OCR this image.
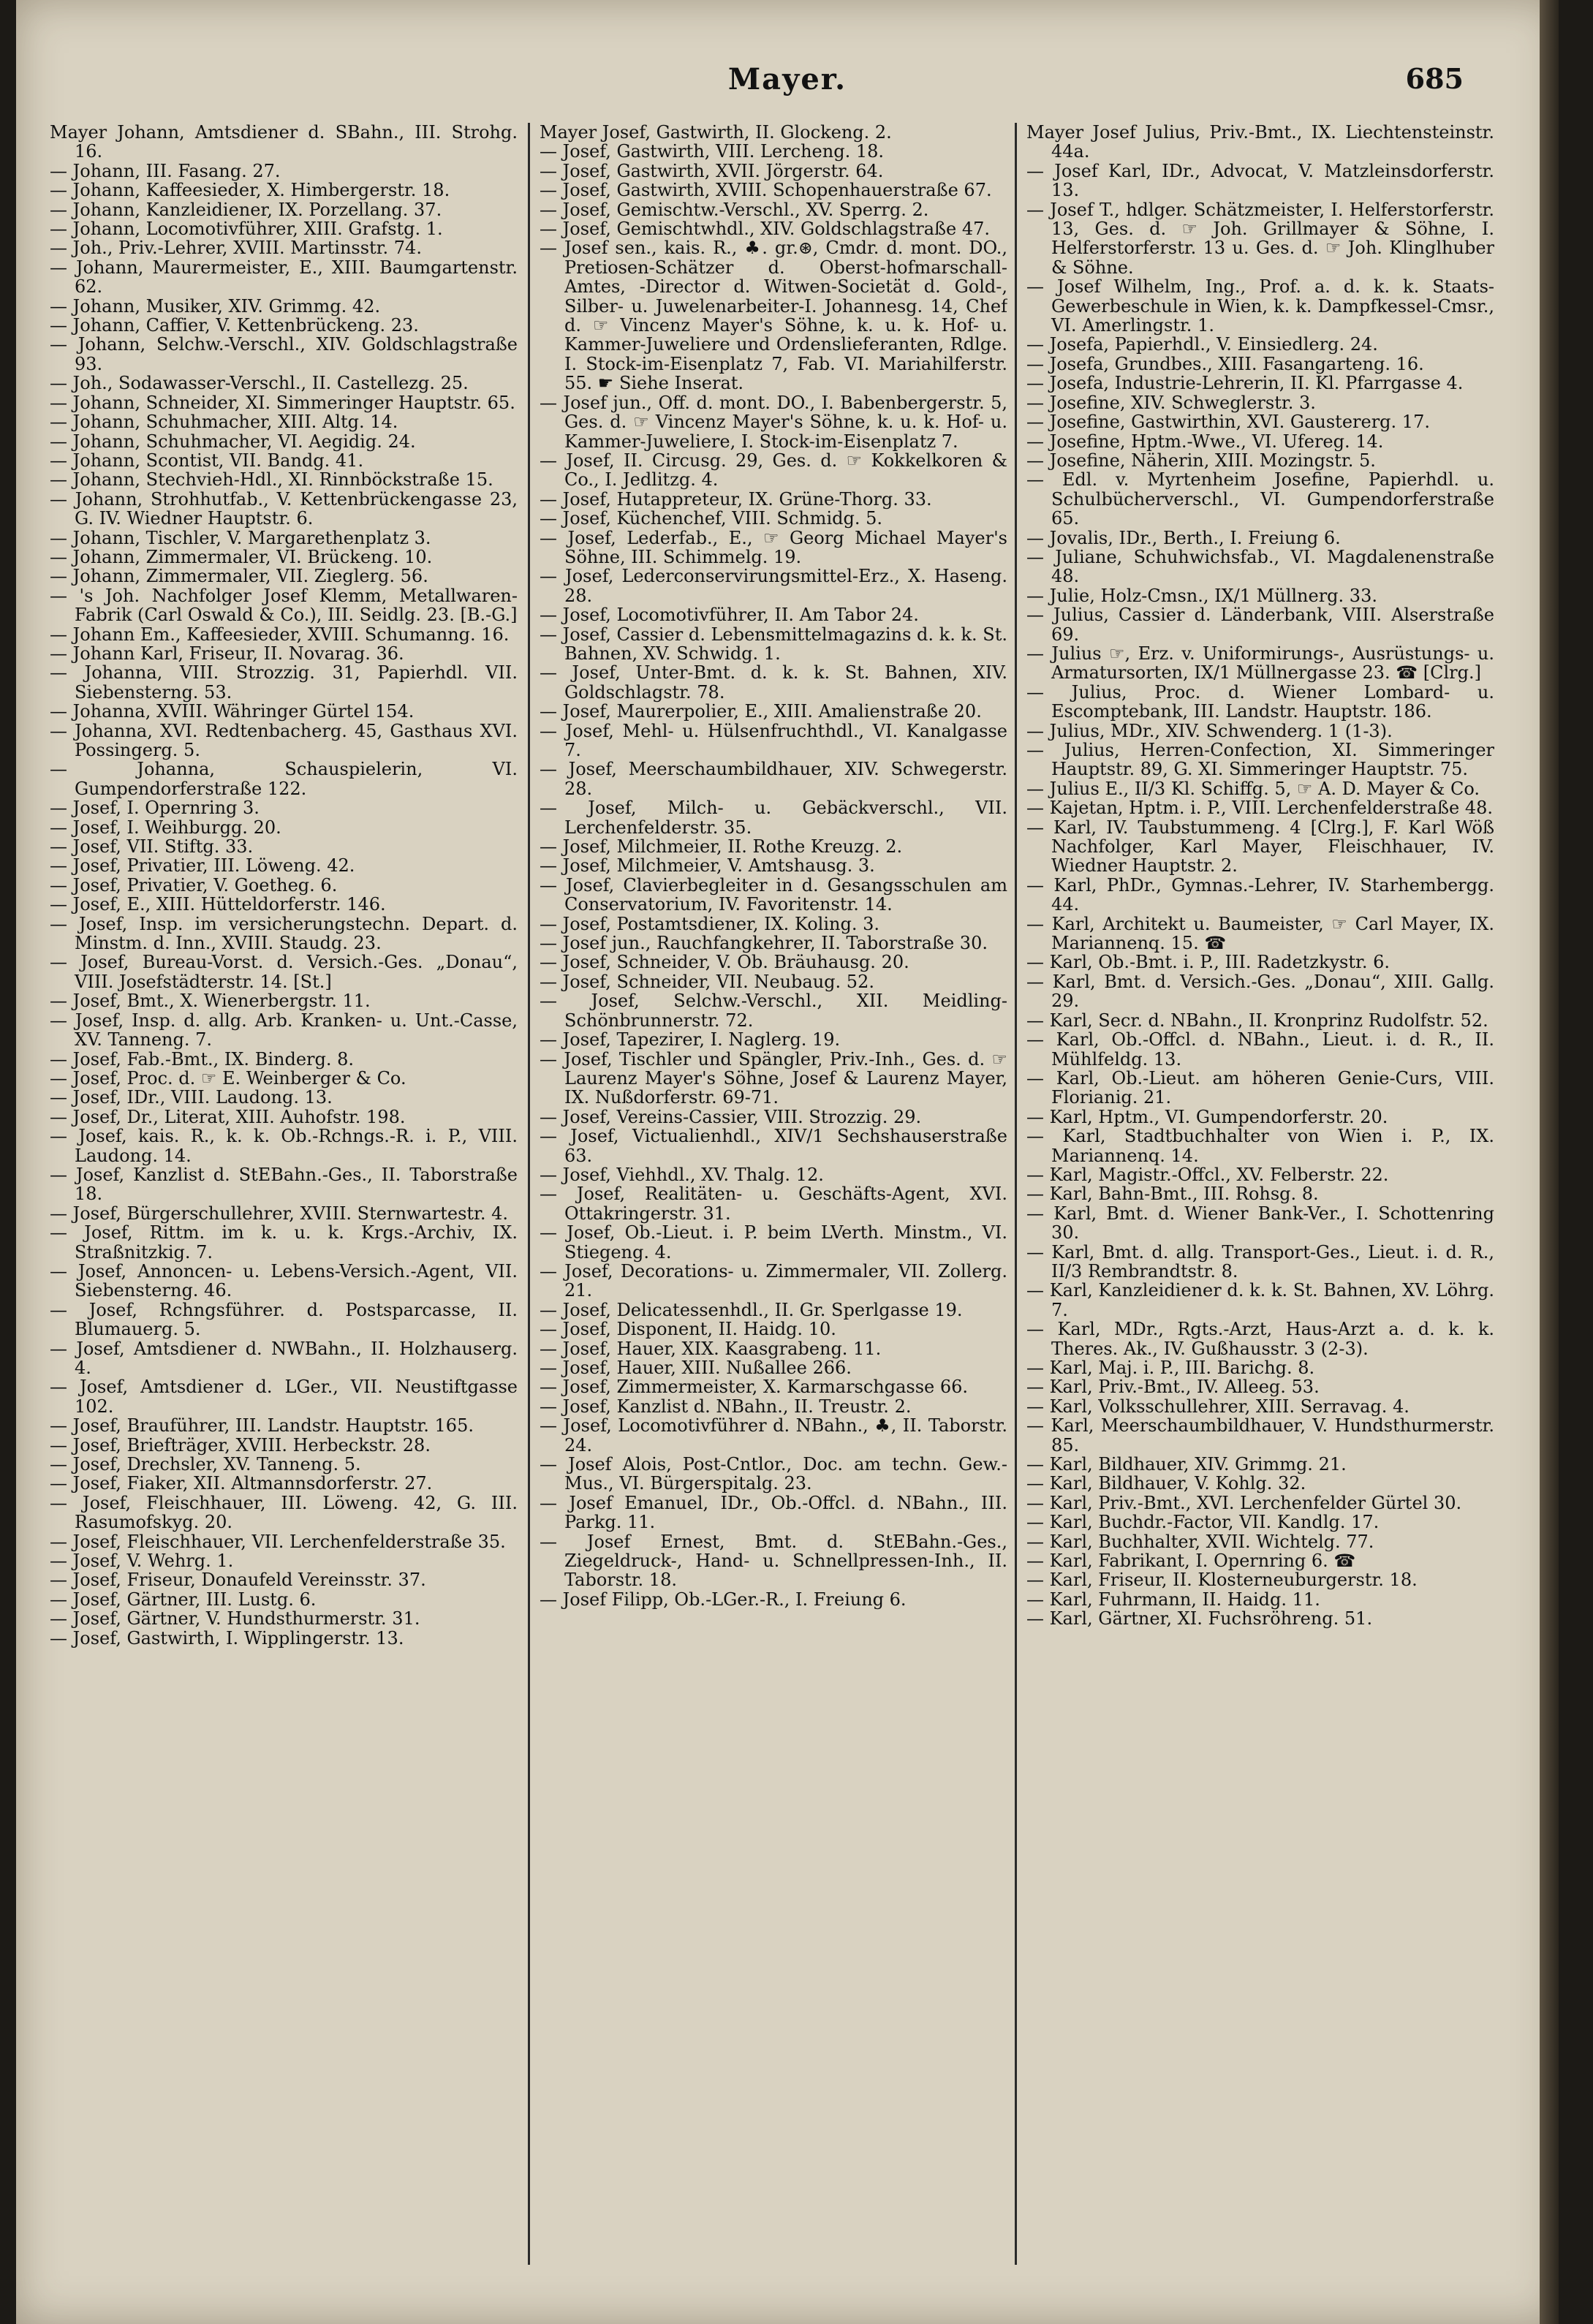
Mayer.	685

Mayer Johann, Amtsdiener d. SBahn., III. Strohg. 16.

— Johann, III. Fasang. 27.

— Johann, Kaffeesieder, X. Himbergerstr. 18.

— Johann, Kanzleidiener, IX. Porzellang. 37.

— Johann, Locomotivführer, XIII. Grafstg. 1.

— Joh., Priv.-Lehrer, XVIII. Martinsstr. 74.

— Johann, Maurermeister, E., XIII. Baumgartenstr. 62.

— Johann, Musiker, XIV. Grimmg. 42.

— Johann, Caffier, V. Kettenbrückeng. 23.

— Johann, Selchw.-Verschl., XIV. Goldschlagstraße 93.

— Joh., Sodawasser-Verschl., II. Castellezg. 25.

— Johann, Schneider, XI. Simmeringer Hauptstr. 65.

— Johann, Schuhmacher, XIII. Altg. 14.

— Johann, Schuhmacher, VI. Aegidig. 24.

— Johann, Scontist, VII. Bandg. 41.

— Johann, Stechvieh-Hdl., XI. Rinnböckstraße 15.

— Johann, Strohhutfab., V. Kettenbrückengasse 23, G. IV. Wiedner Hauptstr. 6.

— Johann, Tischler, V. Margarethenplatz 3.

— Johann, Zimmermaler, VI. Brückeng. 10.

— Johann, Zimmermaler, VII. Zieglerg. 56.

— 's Joh. Nachfolger Josef Klemm, Metallwaren-Fabrik (Carl Oswald & Co.), III. Seidlg. 23. [B.-G.]

— Johann Em., Kaffeesieder, XVIII. Schumanng. 16.

— Johann Karl, Friseur, II. Novarag. 36.

— Johanna, VIII. Strozzig. 31, Papierhdl. VII. Siebensterng. 53.

— Johanna, XVIII. Währinger Gürtel 154.

— Johanna, XVI. Redtenbacherg. 45, Gasthaus XVI. Possingerg. 5.

— Johanna, Schauspielerin, VI. Gumpendorferstraße 122.

— Josef, I. Opernring 3.

— Josef, I. Weihburgg. 20.

— Josef, VII. Stiftg. 33.

— Josef, Privatier, III. Löweng. 42.

— Josef, Privatier, V. Goetheg. 6.

— Josef, E., XIII. Hütteldorferstr. 146.

— Josef, Insp. im versicherungstechn. Depart. d. Minstm. d. Inn., XVIII. Staudg. 23.

— Josef, Bureau-Vorst. d. Versich.-Ges. „Donau“, VIII. Josefstädterstr. 14. [St.]

— Josef, Bmt., X. Wienerbergstr. 11.

— Josef, Insp. d. allg. Arb. Kranken- u. Unt.-Casse, XV. Tanneng. 7.

— Josef, Fab.-Bmt., IX. Binderg. 8.

— Josef, Proc. d. ☞ E. Weinberger & Co.

— Josef, IDr., VIII. Laudong. 13.

— Josef, Dr., Literat, XIII. Auhofstr. 198.

— Josef, kais. R., k. k. Ob.-Rchngs.-R. i. P., VIII. Laudong. 14.

— Josef, Kanzlist d. StEBahn.-Ges., II. Taborstraße 18.

— Josef, Bürgerschullehrer, XVIII. Sternwartestr. 4.

— Josef, Rittm. im k. u. k. Krgs.-Archiv, IX. Straßnitzkig. 7.

— Josef, Annoncen- u. Lebens-Versich.-Agent, VII. Siebensterng. 46.

— Josef, Rchngsführer. d. Postsparcasse, II. Blumauerg. 5.

— Josef, Amtsdiener d. NWBahn., II. Holzhauserg. 4.

— Josef, Amtsdiener d. LGer., VII. Neustiftgasse 102.

— Josef, Brauführer, III. Landstr. Hauptstr. 165.

— Josef, Briefträger, XVIII. Herbeckstr. 28.

— Josef, Drechsler, XV. Tanneng. 5.

— Josef, Fiaker, XII. Altmannsdorferstr. 27.

— Josef, Fleischhauer, III. Löweng. 42, G. III. Rasumofskyg. 20.

— Josef, Fleischhauer, VII. Lerchenfelderstraße 35.

— Josef, V. Wehrg. 1.

— Josef, Friseur, Donaufeld Vereinsstr. 37.

— Josef, Gärtner, III. Lustg. 6.

— Josef, Gärtner, V. Hundsthurmerstr. 31.

— Josef, Gastwirth, I. Wipplingerstr. 13.

Mayer Josef, Gastwirth, II. Glockeng. 2.

— Josef, Gastwirth, VIII. Lercheng. 18.

— Josef, Gastwirth, XVII. Jörgerstr. 64.

— Josef, Gastwirth, XVIII. Schopenhauerstraße 67.

— Josef, Gemischtw.-Verschl., XV. Sperrg. 2.

— Josef, Gemischtwhdl., XIV. Goldschlagstraße 47.

— Josef sen., kais. R., ♣. gr.⊛, Cmdr. d. mont. DO., Pretiosen-Schätzer d. Oberst-hofmarschall-Amtes, -Director d. Witwen-Societät d. Gold-, Silber- u. Juwelenarbeiter-I. Johannesg. 14, Chef d. ☞ Vincenz Mayer's Söhne, k. u. k. Hof- u. Kammer-Juweliere und Ordenslieferanten, Rdlge. I. Stock-im-Eisenplatz 7, Fab. VI. Mariahilferstr. 55. ☛ Siehe Inserat.

— Josef jun., Off. d. mont. DO., I. Babenbergerstr. 5, Ges. d. ☞ Vincenz Mayer's Söhne, k. u. k. Hof- u. Kammer-Juweliere, I. Stock-im-Eisenplatz 7.

— Josef, II. Circusg. 29, Ges. d. ☞ Kokkelkoren & Co., I. Jedlitzg. 4.

— Josef, Hutappreteur, IX. Grüne-Thorg. 33.

— Josef, Küchenchef, VIII. Schmidg. 5.

— Josef, Lederfab., E., ☞ Georg Michael Mayer's Söhne, III. Schimmelg. 19.

— Josef, Lederconservirungsmittel-Erz., X. Haseng. 28.

— Josef, Locomotivführer, II. Am Tabor 24.

— Josef, Cassier d. Lebensmittelmagazins d. k. k. St. Bahnen, XV. Schwidg. 1.

— Josef, Unter-Bmt. d. k. k. St. Bahnen, XIV. Goldschlagstr. 78.

— Josef, Maurerpolier, E., XIII. Amalienstraße 20.

— Josef, Mehl- u. Hülsenfruchthdl., VI. Kanalgasse 7.

— Josef, Meerschaumbildhauer, XIV. Schwegerstr. 28.

— Josef, Milch- u. Gebäckverschl., VII. Lerchenfelderstr. 35.

— Josef, Milchmeier, II. Rothe Kreuzg. 2.

— Josef, Milchmeier, V. Amtshausg. 3.

— Josef, Clavierbegleiter in d. Gesangsschulen am Conservatorium, IV. Favoritenstr. 14.

— Josef, Postamtsdiener, IX. Koling. 3.

— Josef jun., Rauchfangkehrer, II. Taborstraße 30.

— Josef, Schneider, V. Ob. Bräuhausg. 20.

— Josef, Schneider, VII. Neubaug. 52.

— Josef, Selchw.-Verschl., XII. Meidling-Schönbrunnerstr. 72.

— Josef, Tapezirer, I. Naglerg. 19.

— Josef, Tischler und Spängler, Priv.-Inh., Ges. d. ☞ Laurenz Mayer's Söhne, Josef & Laurenz Mayer, IX. Nußdorferstr. 69-71.

— Josef, Vereins-Cassier, VIII. Strozzig. 29.

— Josef, Victualienhdl., XIV/1 Sechshauserstraße 63.

— Josef, Viehhdl., XV. Thalg. 12.

— Josef, Realitäten- u. Geschäfts-Agent, XVI. Ottakringerstr. 31.

— Josef, Ob.-Lieut. i. P. beim LVerth. Minstm., VI. Stiegeng. 4.

— Josef, Decorations- u. Zimmermaler, VII. Zollerg. 21.

— Josef, Delicatessenhdl., II. Gr. Sperlgasse 19.

— Josef, Disponent, II. Haidg. 10.

— Josef, Hauer, XIX. Kaasgrabeng. 11.

— Josef, Hauer, XIII. Nußallee 266.

— Josef, Zimmermeister, X. Karmarschgasse 66.

— Josef, Kanzlist d. NBahn., II. Treustr. 2.

— Josef, Locomotivführer d. NBahn., ♣, II. Taborstr. 24.

— Josef Alois, Post-Cntlor., Doc. am techn. Gew.-Mus., VI. Bürgerspitalg. 23.

— Josef Emanuel, IDr., Ob.-Offcl. d. NBahn., III. Parkg. 11.

— Josef Ernest, Bmt. d. StEBahn.-Ges., Ziegeldruck-, Hand- u. Schnellpressen-Inh., II. Taborstr. 18.

— Josef Filipp, Ob.-LGer.-R., I. Freiung 6.

Mayer Josef Julius, Priv.-Bmt., IX. Liechtensteinstr. 44a.

— Josef Karl, IDr., Advocat, V. Matzleinsdorferstr. 13.

— Josef T., hdlger. Schätzmeister, I. Helferstorferstr. 13, Ges. d. ☞ Joh. Grillmayer & Söhne, I. Helferstorferstr. 13 u. Ges. d. ☞ Joh. Klinglhuber & Söhne.

— Josef Wilhelm, Ing., Prof. a. d. k. k. Staats-Gewerbeschule in Wien, k. k. Dampfkessel-Cmsr., VI. Amerlingstr. 1.

— Josefa, Papierhdl., V. Einsiedlerg. 24.

— Josefa, Grundbes., XIII. Fasangarteng. 16.

— Josefa, Industrie-Lehrerin, II. Kl. Pfarrgasse 4.

— Josefine, XIV. Schweglerstr. 3.

— Josefine, Gastwirthin, XVI. Gaustererg. 17.

— Josefine, Hptm.-Wwe., VI. Ufereg. 14.

— Josefine, Näherin, XIII. Mozingstr. 5.

— Edl. v. Myrtenheim Josefine, Papierhdl. u. Schulbücherverschl., VI. Gumpendorferstraße 65.

— Jovalis, IDr., Berth., I. Freiung 6.

— Juliane, Schuhwichsfab., VI. Magdalenenstraße 48.

— Julie, Holz-Cmsn., IX/1 Müllnerg. 33.

— Julius, Cassier d. Länderbank, VIII. Alserstraße 69.

— Julius ☞, Erz. v. Uniformirungs-, Ausrüstungs- u. Armatursorten, IX/1 Müllnergasse 23. ☎ [Clrg.]

— Julius, Proc. d. Wiener Lombard- u. Escomptebank, III. Landstr. Hauptstr. 186.

— Julius, MDr., XIV. Schwenderg. 1 (1-3).

— Julius, Herren-Confection, XI. Simmeringer Hauptstr. 89, G. XI. Simmeringer Hauptstr. 75.

— Julius E., II/3 Kl. Schiffg. 5, ☞ A. D. Mayer & Co.

— Kajetan, Hptm. i. P., VIII. Lerchenfelderstraße 48.

— Karl, IV. Taubstummeng. 4 [Clrg.], F. Karl Wöß Nachfolger, Karl Mayer, Fleischhauer, IV. Wiedner Hauptstr. 2.

— Karl, PhDr., Gymnas.-Lehrer, IV. Starhembergg. 44.

— Karl, Architekt u. Baumeister, ☞ Carl Mayer, IX. Mariannenq. 15. ☎

— Karl, Ob.-Bmt. i. P., III. Radetzkystr. 6.

— Karl, Bmt. d. Versich.-Ges. „Donau“, XIII. Gallg. 29.

— Karl, Secr. d. NBahn., II. Kronprinz Rudolfstr. 52.

— Karl, Ob.-Offcl. d. NBahn., Lieut. i. d. R., II. Mühlfeldg. 13.

— Karl, Ob.-Lieut. am höheren Genie-Curs, VIII. Florianig. 21.

— Karl, Hptm., VI. Gumpendorferstr. 20.

— Karl, Stadtbuchhalter von Wien i. P., IX. Mariannenq. 14.

— Karl, Magistr.-Offcl., XV. Felberstr. 22.

— Karl, Bahn-Bmt., III. Rohsg. 8.

— Karl, Bmt. d. Wiener Bank-Ver., I. Schottenring 30.

— Karl, Bmt. d. allg. Transport-Ges., Lieut. i. d. R., II/3 Rembrandtstr. 8.

— Karl, Kanzleidiener d. k. k. St. Bahnen, XV. Löhrg. 7.

— Karl, MDr., Rgts.-Arzt, Haus-Arzt a. d. k. k. Theres. Ak., IV. Gußhausstr. 3 (2-3).

— Karl, Maj. i. P., III. Barichg. 8.

— Karl, Priv.-Bmt., IV. Alleeg. 53.

— Karl, Volksschullehrer, XIII. Serravag. 4.

— Karl, Meerschaumbildhauer, V. Hundsthurmerstr. 85.

— Karl, Bildhauer, XIV. Grimmg. 21.

— Karl, Bildhauer, V. Kohlg. 32.

— Karl, Priv.-Bmt., XVI. Lerchenfelder Gürtel 30.

— Karl, Buchdr.-Factor, VII. Kandlg. 17.

— Karl, Buchhalter, XVII. Wichtelg. 77.

— Karl, Fabrikant, I. Opernring 6. ☎

— Karl, Friseur, II. Klosterneuburgerstr. 18.

— Karl, Fuhrmann, II. Haidg. 11.

— Karl, Gärtner, XI. Fuchsröhreng. 51.
